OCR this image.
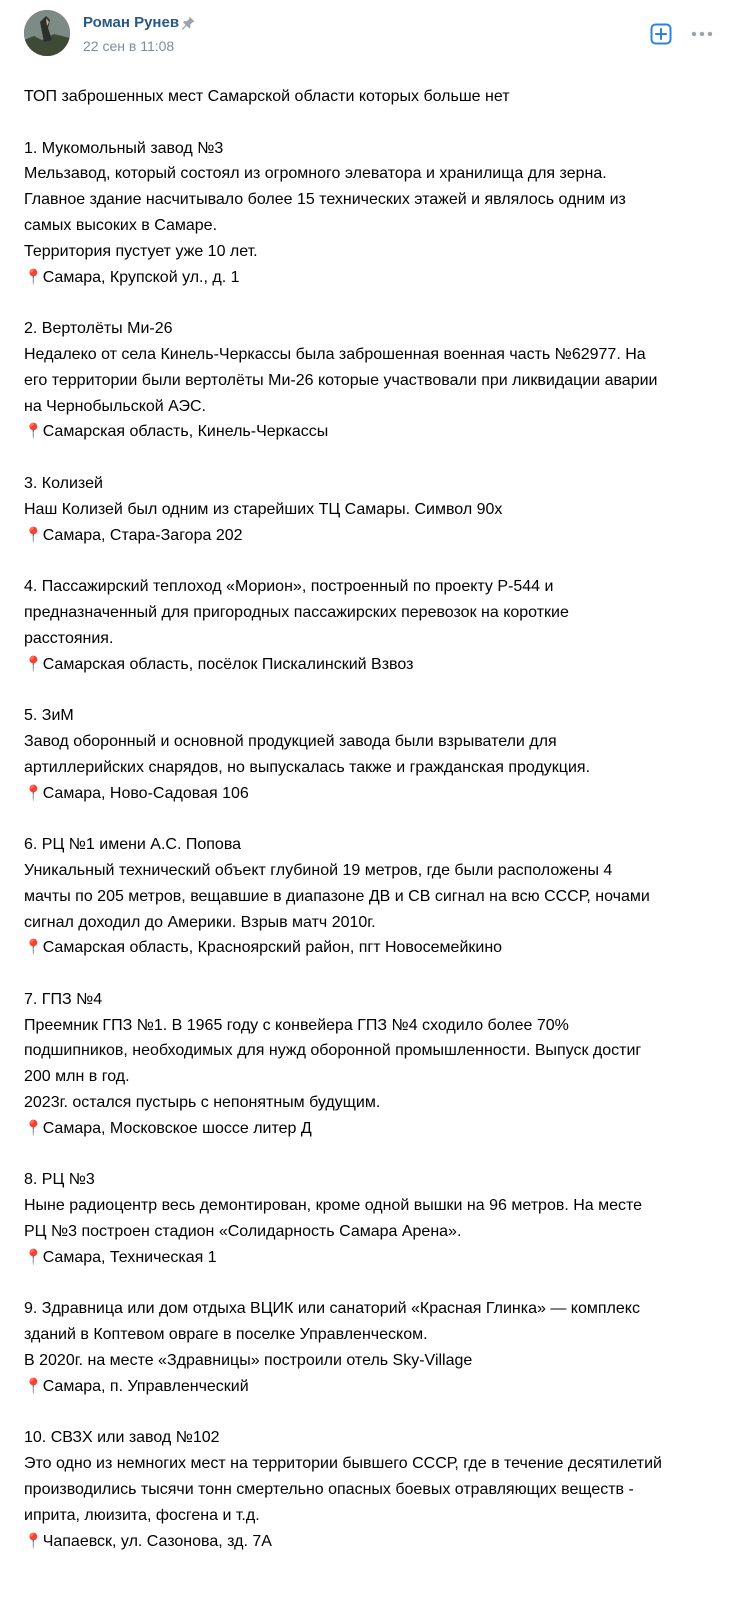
Роман Рунев
22 сен в 11:08

ТОП заброшенных мест Самарской области которых больше нет

1. Мукомольный завод №3

Мельзавод, который состоял из огромного элеватора и хранилища для зерна.

Главное здание насчитывало более 15 технических этажей и являлось одним из

самых высоких в Самаре.

Территория пустует уже 10 лет.

📍Самара, Крупской ул., д. 1

2. Вертолёты Ми-26

Недалеко от села Кинель-Черкассы была заброшенная военная часть №62977. На

его территории были вертолёты Ми-26 которые участвовали при ликвидации аварии

на Чернобыльской АЭС.

📍Самарская область, Кинель-Черкассы

3. Колизей

Наш Колизей был одним из старейших ТЦ Самары. Символ 90х

📍Самара, Стара-Загора 202

4. Пассажирский теплоход «Морион», построенный по проекту Р-544 и

предназначенный для пригородных пассажирских перевозок на короткие

расстояния.

📍Самарская область, посёлок Пискалинский Взвоз

5. ЗиМ

Завод оборонный и основной продукцией завода были взрыватели для

артиллерийских снарядов, но выпускалась также и гражданская продукция.

📍Самара, Ново-Садовая 106

6. РЦ №1 имени А.С. Попова

Уникальный технический объект глубиной 19 метров, где были расположены 4

мачты по 205 метров, вещавшие в диапазоне ДВ и СВ сигнал на всю СССР, ночами

сигнал доходил до Америки. Взрыв матч 2010г.

📍Самарская область, Красноярский район, пгт Новосемейкино

7. ГПЗ №4

Преемник ГПЗ №1. В 1965 году с конвейера ГПЗ №4 сходило более 70%

подшипников, необходимых для нужд оборонной промышленности. Выпуск достиг

200 млн в год.

2023г. остался пустырь с непонятным будущим.

📍Самара, Московское шоссе литер Д

8. РЦ №3

Ныне радиоцентр весь демонтирован, кроме одной вышки на 96 метров. На месте

РЦ №3 построен стадион «Солидарность Самара Арена».

📍Самара, Техническая 1

9. Здравница или дом отдыха ВЦИК или санаторий «Красная Глинка» — комплекс

зданий в Коптевом овраге в поселке Управленческом.

В 2020г. на месте «Здравницы» построили отель Sky-Village

📍Самара, п. Управленческий

10. СВЗХ или завод №102

Это одно из немногих мест на территории бывшего СССР, где в течение десятилетий

производились тысячи тонн смертельно опасных боевых отравляющих веществ -

иприта, люизита, фосгена и т.д.

📍Чапаевск, ул. Сазонова, зд. 7А
